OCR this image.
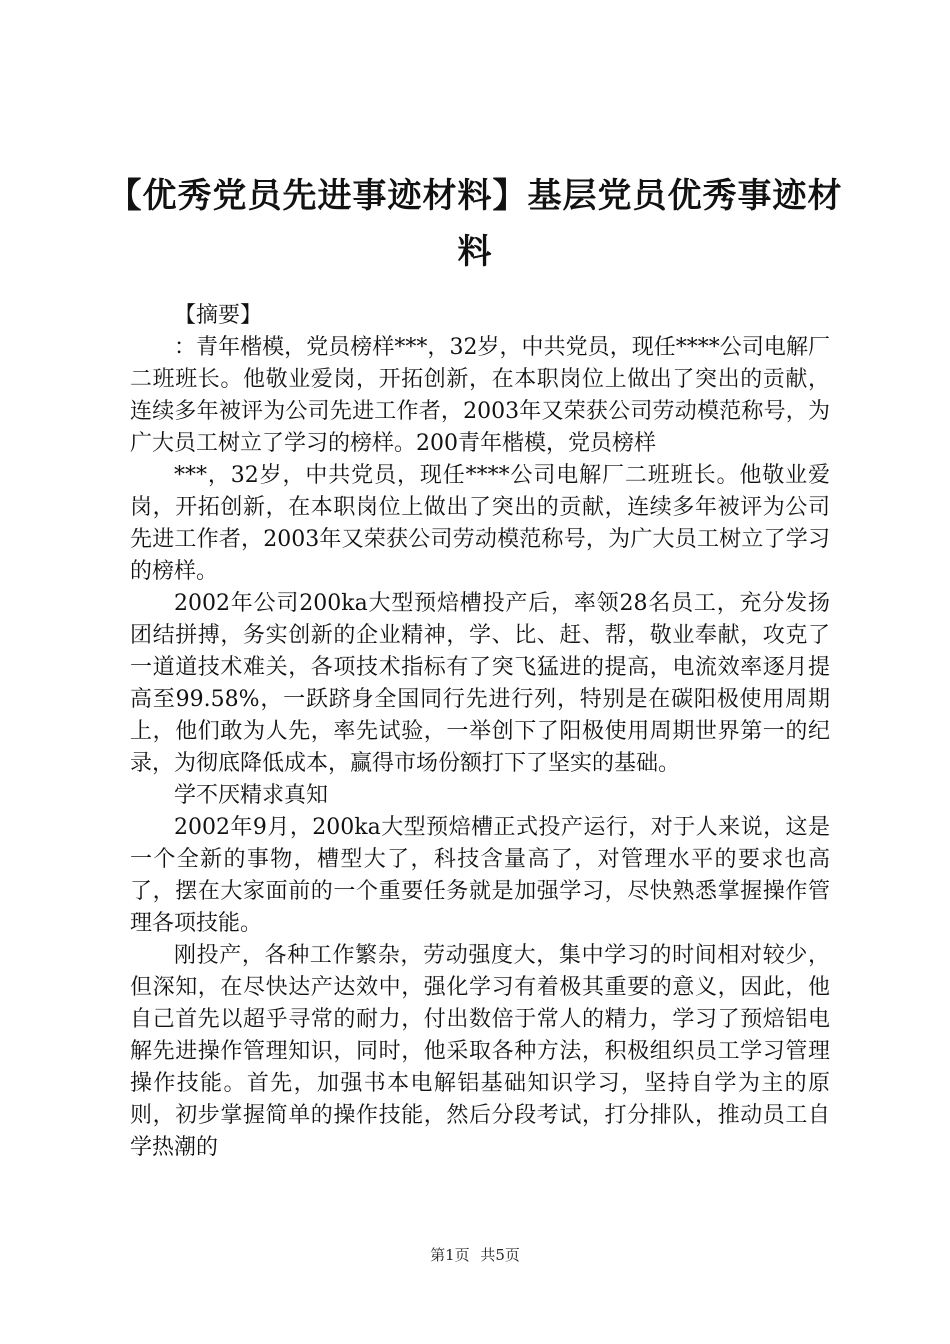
【优秀党员先进事迹材料】基层党员优秀事迹材料

【摘要】

：青年楷模，党员榜样***，32岁，中共党员，现任****公司电解厂二班班长。他敬业爱岗，开拓创新，在本职岗位上做出了突出的贡献，连续多年被评为公司先进工作者，2003年又荣获公司劳动模范称号，为广大员工树立了学习的榜样。200青年楷模，党员榜样

***，32岁，中共党员，现任****公司电解厂二班班长。他敬业爱岗，开拓创新，在本职岗位上做出了突出的贡献，连续多年被评为公司先进工作者，2003年又荣获公司劳动模范称号，为广大员工树立了学习的榜样。

2002年公司200ka大型预焙槽投产后，率领28名员工，充分发扬团结拼搏，务实创新的企业精神，学、比、赶、帮，敬业奉献，攻克了一道道技术难关，各项技术指标有了突飞猛进的提高，电流效率逐月提高至99.58%，一跃跻身全国同行先进行列，特别是在碳阳极使用周期上，他们敢为人先，率先试验，一举创下了阳极使用周期世界第一的纪录，为彻底降低成本，赢得市场份额打下了坚实的基础。

学不厌精求真知

2002年9月，200ka大型预焙槽正式投产运行，对于人来说，这是一个全新的事物，槽型大了，科技含量高了，对管理水平的要求也高了，摆在大家面前的一个重要任务就是加强学习，尽快熟悉掌握操作管理各项技能。

刚投产，各种工作繁杂，劳动强度大，集中学习的时间相对较少，但深知，在尽快达产达效中，强化学习有着极其重要的意义，因此，他自己首先以超乎寻常的耐力，付出数倍于常人的精力，学习了预焙铝电解先进操作管理知识，同时，他采取各种方法，积极组织员工学习管理操作技能。首先，加强书本电解铝基础知识学习，坚持自学为主的原则，初步掌握简单的操作技能，然后分段考试，打分排队，推动员工自学热潮的

第1页 共5页
